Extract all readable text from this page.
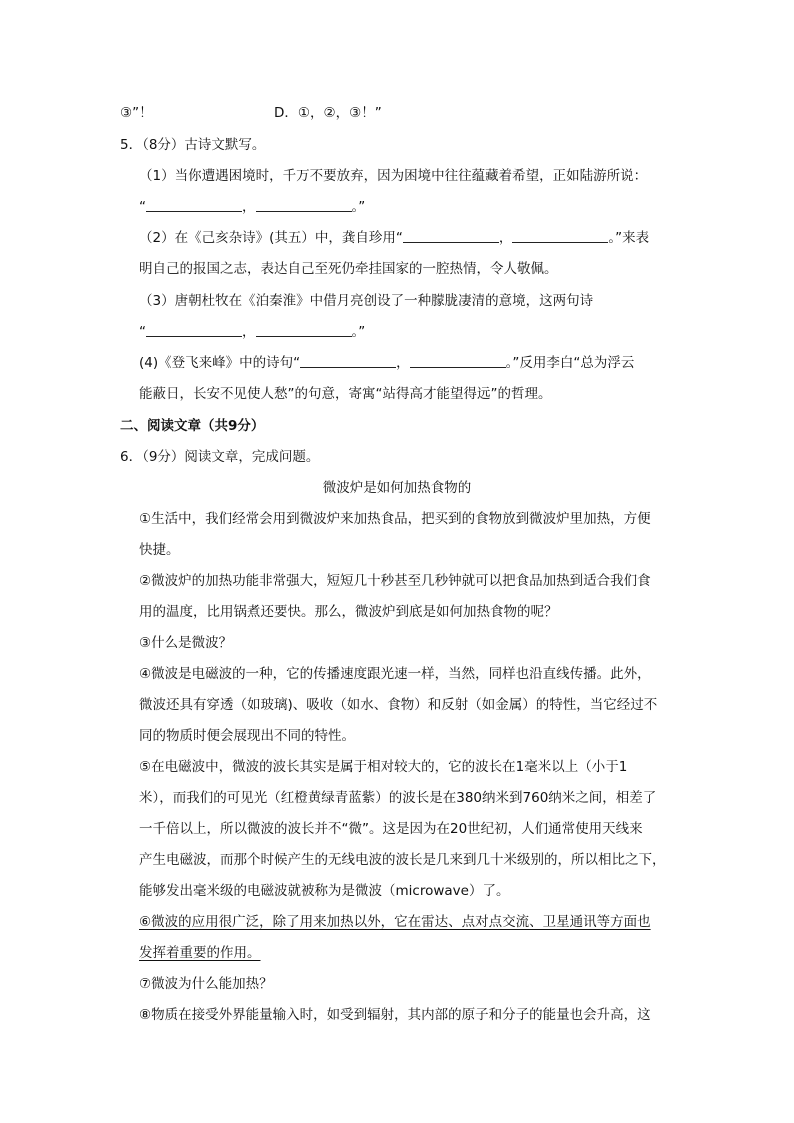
③”！	D．①，②，③！”
5．（8分）古诗文默写。
（1）当你遭遇困境时，千万不要放弃，因为困境中往往蕴藏着希望，正如陆游所说：
“	，	。”
（2）在《己亥杂诗》(其五）中，龚自珍用“	，	。”来表
明自己的报国之志，表达自己至死仍牵挂国家的一腔热情，令人敬佩。
（3）唐朝杜牧在《泊秦淮》中借月亮创设了一种朦胧凄清的意境，这两句诗
“	，	。”
(4)《登飞来峰》中的诗句“	，	。”反用李白“总为浮云
能蔽日，长安不见使人愁”的句意，寄寓“站得高才能望得远”的哲理。
二、阅读文章（共9分）
6．（9分）阅读文章，完成问题。
微波炉是如何加热食物的
①生活中，我们经常会用到微波炉来加热食品，把买到的食物放到微波炉里加热，方便
快捷。
②微波炉的加热功能非常强大，短短几十秒甚至几秒钟就可以把食品加热到适合我们食
用的温度，比用锅煮还要快。那么，微波炉到底是如何加热食物的呢？
③什么是微波？
④微波是电磁波的一种，它的传播速度跟光速一样，当然，同样也沿直线传播。此外，
微波还具有穿透（如玻璃)、吸收（如水、食物）和反射（如金属）的特性，当它经过不
同的物质时便会展现出不同的特性。
⑤在电磁波中，微波的波长其实是属于相对较大的，它的波长在1毫米以上（小于1
米），而我们的可见光（红橙黄绿青蓝紫）的波长是在380纳米到760纳米之间，相差了
一千倍以上，所以微波的波长并不“微”。这是因为在20世纪初，人们通常使用天线来
产生电磁波，而那个时候产生的无线电波的波长是几来到几十米级别的，所以相比之下，
能够发出毫米级的电磁波就被称为是微波（microwave）了。
⑥微波的应用很广泛，除了用来加热以外，它在雷达、点对点交流、卫星通讯等方面也
发挥着重要的作用。
⑦微波为什么能加热？
⑧物质在接受外界能量输入时，如受到辐射，其内部的原子和分子的能量也会升高，这
